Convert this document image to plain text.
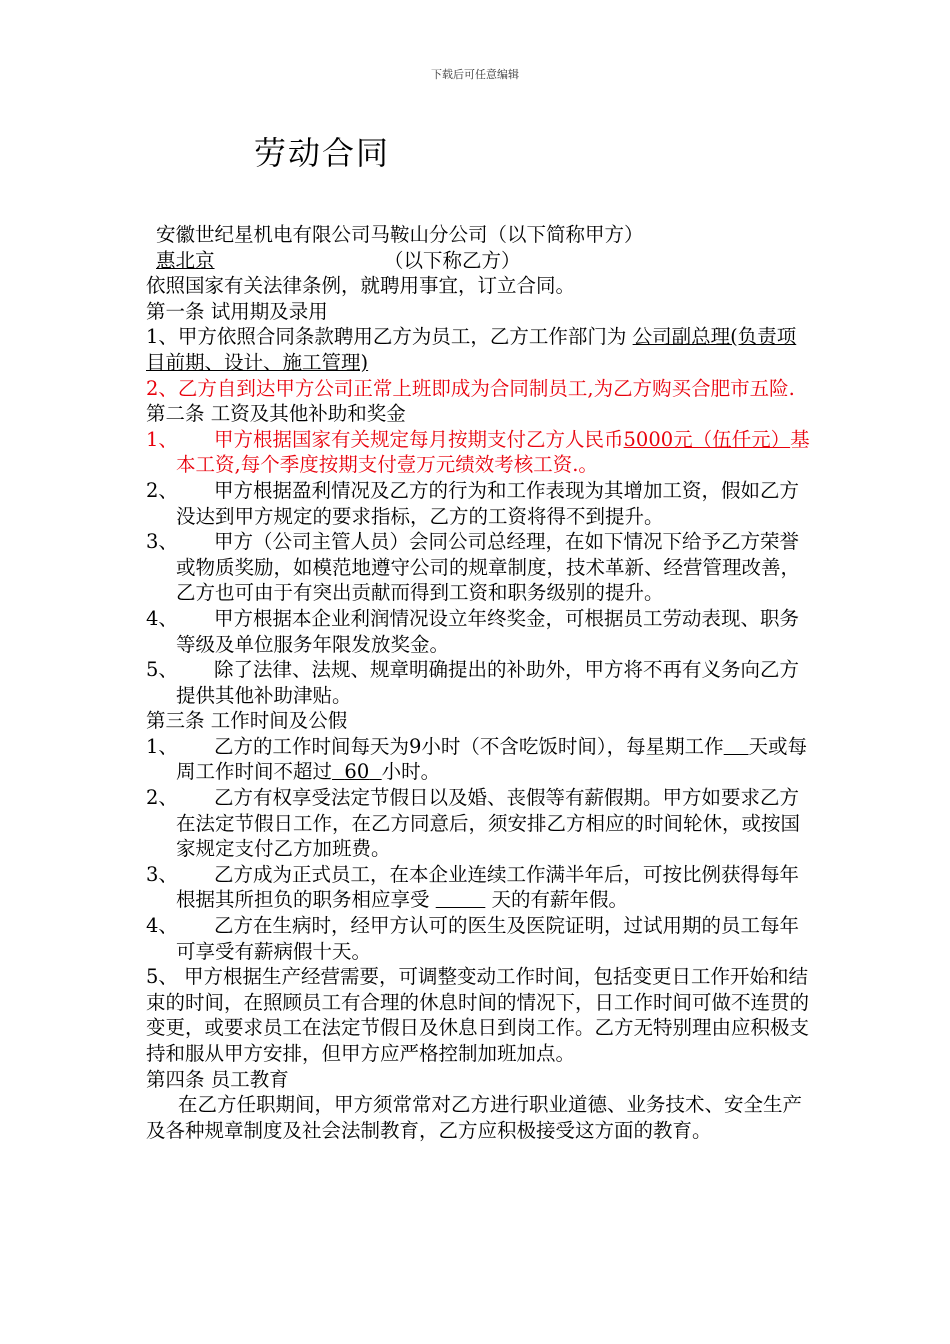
下载后可任意编辑
劳动合同

安徽世纪星机电有限公司马鞍山分公司（以下简称甲方）

惠北京	（以下称乙方）

依照国家有关法律条例，就聘用事宜，订立合同。

第一条 试用期及录用

1、甲方依照合同条款聘用乙方为员工，乙方工作部门为 公司副总理(负责项目前期、设计、施工管理)

2、乙方自到达甲方公司正常上班即成为合同制员工,为乙方购买合肥市五险.

第二条 工资及其他补助和奖金

1、	甲方根据国家有关规定每月按期支付乙方人民币5000元（伍仟元）基本工资,每个季度按期支付壹万元绩效考核工资.。
2、	甲方根据盈利情况及乙方的行为和工作表现为其增加工资，假如乙方没达到甲方规定的要求指标，乙方的工资将得不到提升。
3、	甲方（公司主管人员）会同公司总经理，在如下情况下给予乙方荣誉或物质奖励，如模范地遵守公司的规章制度，技术革新、经营管理改善，乙方也可由于有突出贡献而得到工资和职务级别的提升。
4、	甲方根据本企业利润情况设立年终奖金，可根据员工劳动表现、职务等级及单位服务年限发放奖金。
5、	除了法律、法规、规章明确提出的补助外，甲方将不再有义务向乙方提供其他补助津贴。

第三条 工作时间及公假

1、	乙方的工作时间每天为9小时（不含吃饭时间），每星期工作 天或每周工作时间不超过 60 小时。
2、	乙方有权享受法定节假日以及婚、丧假等有薪假期。甲方如要求乙方在法定节假日工作，在乙方同意后，须安排乙方相应的时间轮休，或按国家规定支付乙方加班费。
3、	乙方成为正式员工，在本企业连续工作满半年后，可按比例获得每年根据其所担负的职务相应享受	天的有薪年假。
4、	乙方在生病时，经甲方认可的医生及医院证明，过试用期的员工每年可享受有薪病假十天。
5、 甲方根据生产经营需要，可调整变动工作时间，包括变更日工作开始和结束的时间，在照顾员工有合理的休息时间的情况下，日工作时间可做不连贯的变更，或要求员工在法定节假日及休息日到岗工作。乙方无特别理由应积极支持和服从甲方安排，但甲方应严格控制加班加点。

第四条 员工教育

在乙方任职期间，甲方须常常对乙方进行职业道德、业务技术、安全生产及各种规章制度及社会法制教育，乙方应积极接受这方面的教育。
